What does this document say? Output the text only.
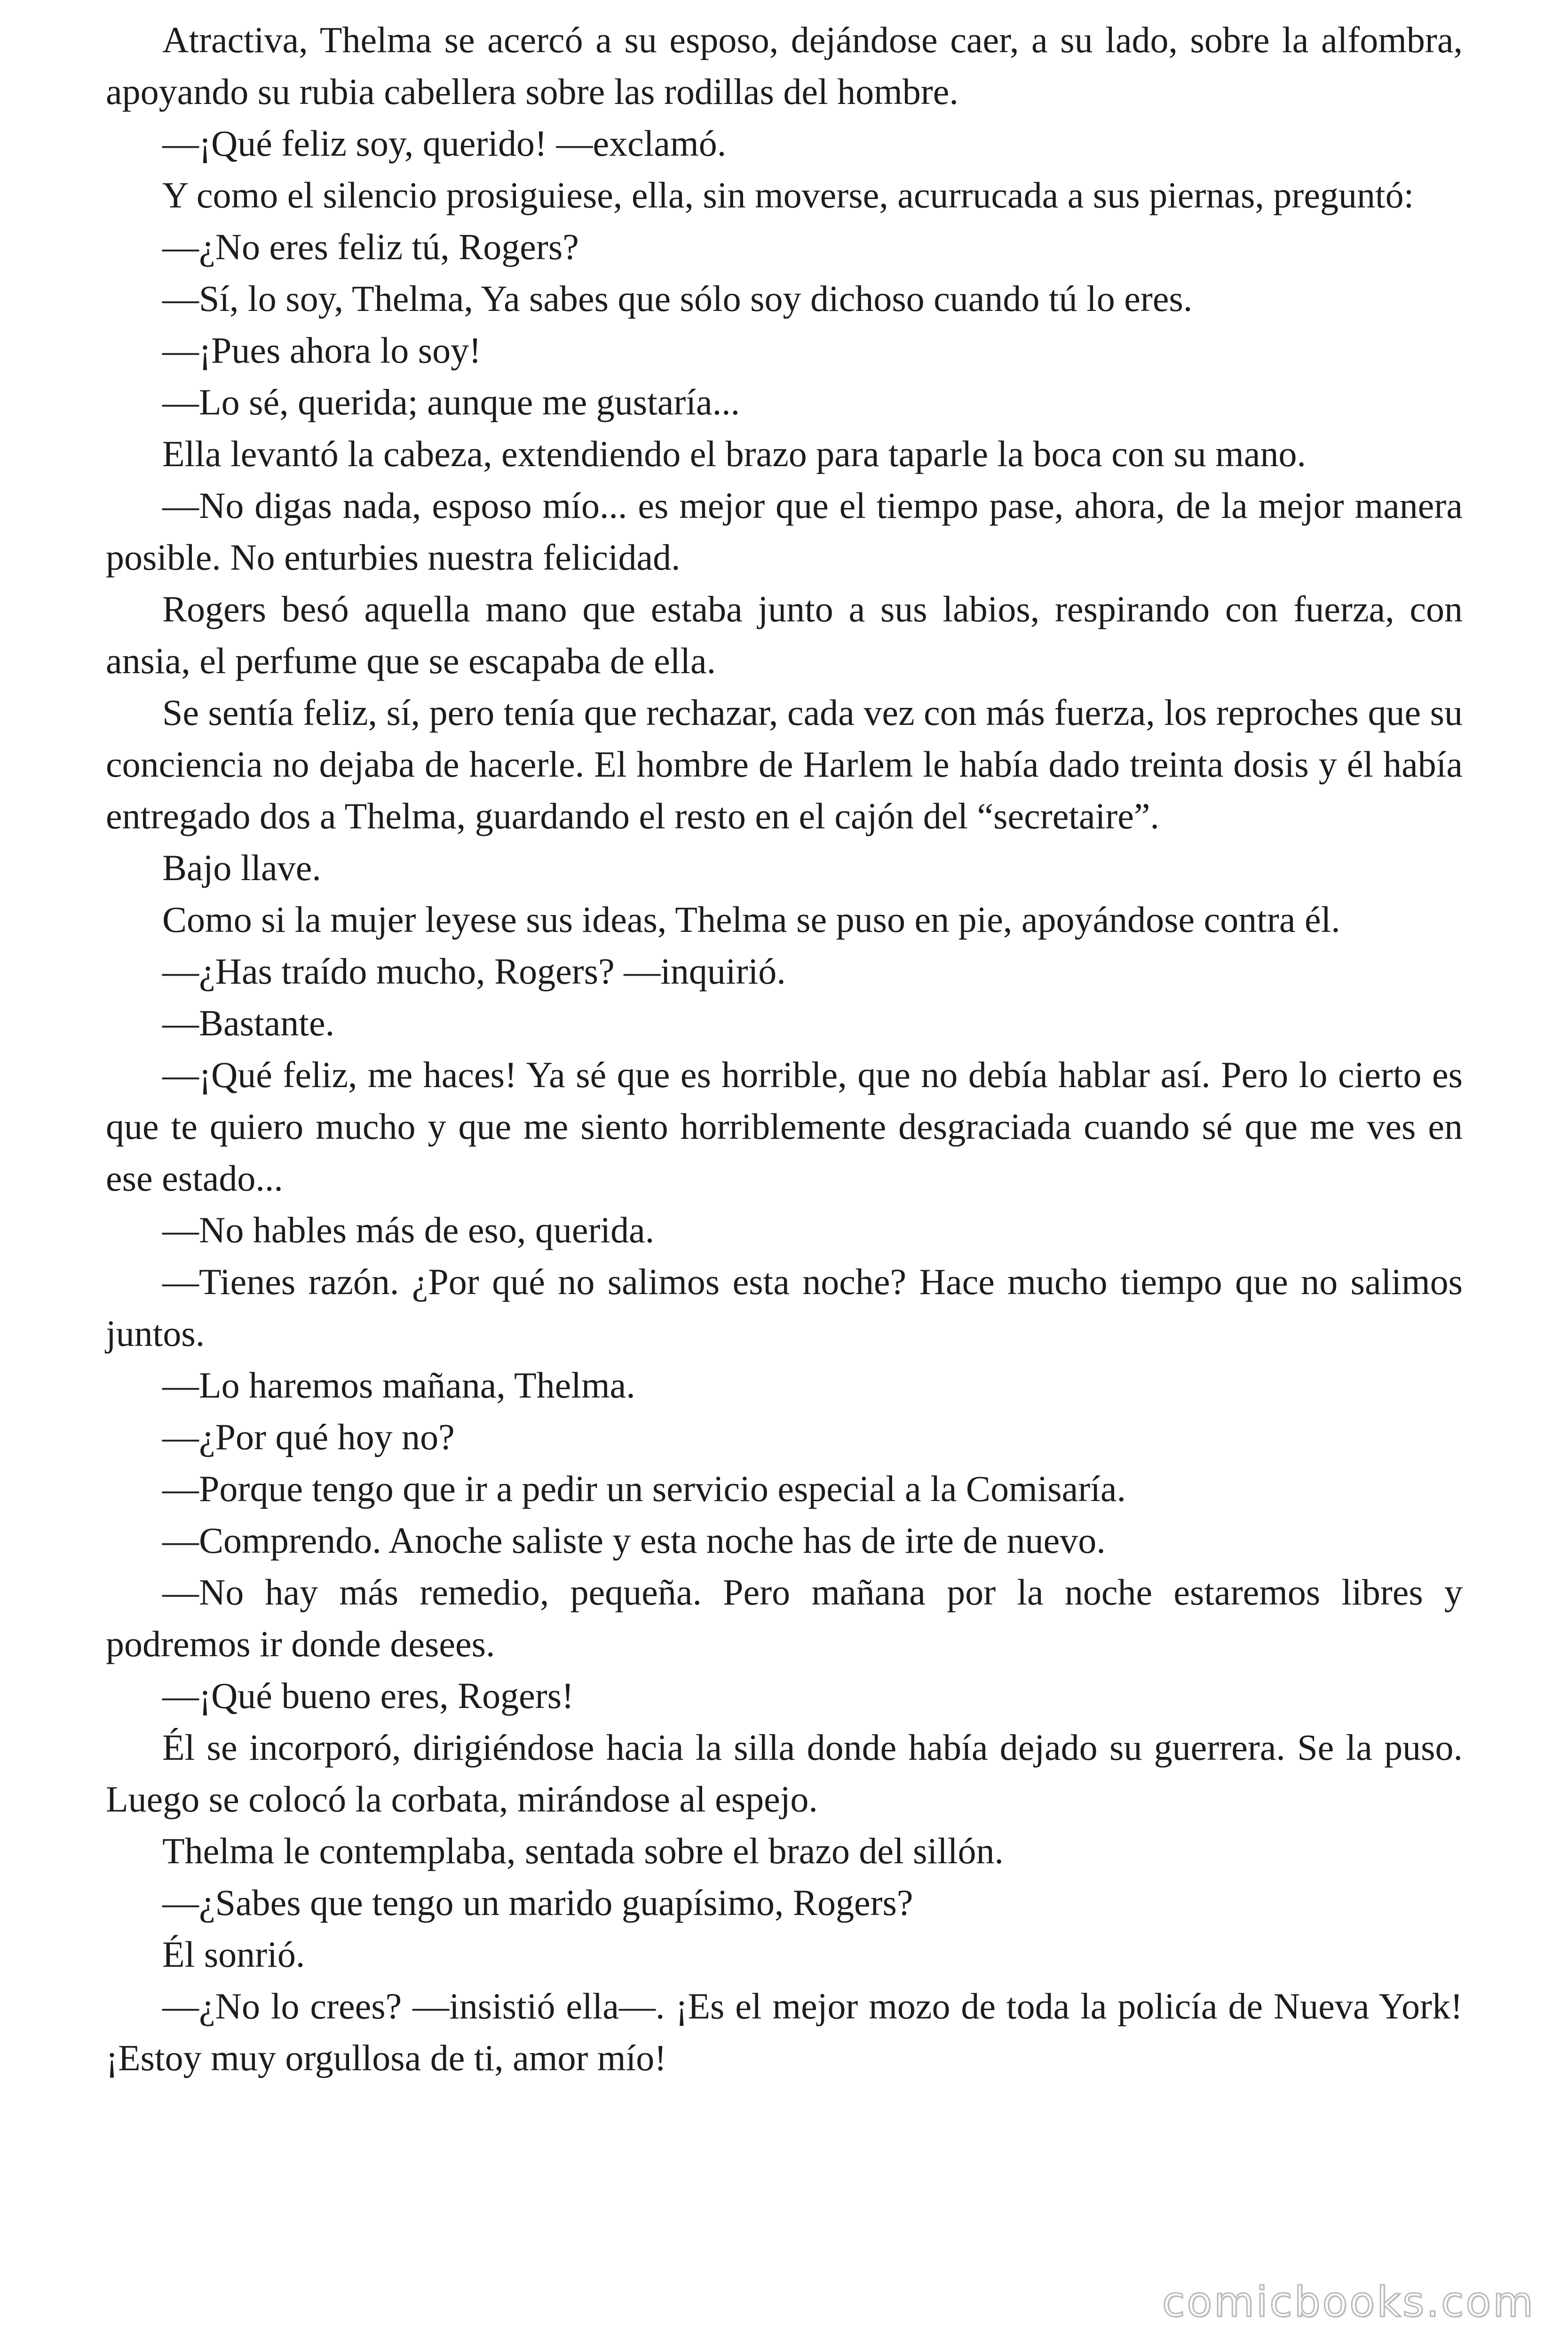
Atractiva, Thelma se acercó a su esposo, dejándose caer, a su lado, sobre la alfombra, apoyando su rubia cabellera sobre las rodillas del hombre.

—¡Qué feliz soy, querido! —exclamó.

Y como el silencio prosiguiese, ella, sin moverse, acurrucada a sus piernas, preguntó:

—¿No eres feliz tú, Rogers?

—Sí, lo soy, Thelma, Ya sabes que sólo soy dichoso cuando tú lo eres.

—¡Pues ahora lo soy!

—Lo sé, querida; aunque me gustaría...

Ella levantó la cabeza, extendiendo el brazo para taparle la boca con su mano.

—No digas nada, esposo mío... es mejor que el tiempo pase, ahora, de la mejor manera posible. No enturbies nuestra felicidad.

Rogers besó aquella mano que estaba junto a sus labios, respirando con fuerza, con ansia, el perfume que se escapaba de ella.

Se sentía feliz, sí, pero tenía que rechazar, cada vez con más fuerza, los reproches que su conciencia no dejaba de hacerle. El hombre de Harlem le había dado treinta dosis y él había entregado dos a Thelma, guardando el resto en el cajón del “secretaire”.

Bajo llave.

Como si la mujer leyese sus ideas, Thelma se puso en pie, apoyándose contra él.

—¿Has traído mucho, Rogers? —inquirió.

—Bastante.

—¡Qué feliz, me haces! Ya sé que es horrible, que no debía hablar así. Pero lo cierto es que te quiero mucho y que me siento horriblemente desgraciada cuando sé que me ves en ese estado...

—No hables más de eso, querida.

—Tienes razón. ¿Por qué no salimos esta noche? Hace mucho tiempo que no salimos juntos.

—Lo haremos mañana, Thelma.

—¿Por qué hoy no?

—Porque tengo que ir a pedir un servicio especial a la Comisaría.

—Comprendo. Anoche saliste y esta noche has de irte de nuevo.

—No hay más remedio, pequeña. Pero mañana por la noche estaremos libres y podremos ir donde desees.

—¡Qué bueno eres, Rogers!

Él se incorporó, dirigiéndose hacia la silla donde había dejado su guerrera. Se la puso. Luego se colocó la corbata, mirándose al espejo.

Thelma le contemplaba, sentada sobre el brazo del sillón.

—¿Sabes que tengo un marido guapísimo, Rogers?

Él sonrió.

—¿No lo crees? —insistió ella—. ¡Es el mejor mozo de toda la policía de Nueva York! ¡Estoy muy orgullosa de ti, amor mío!

comicbooks.com
